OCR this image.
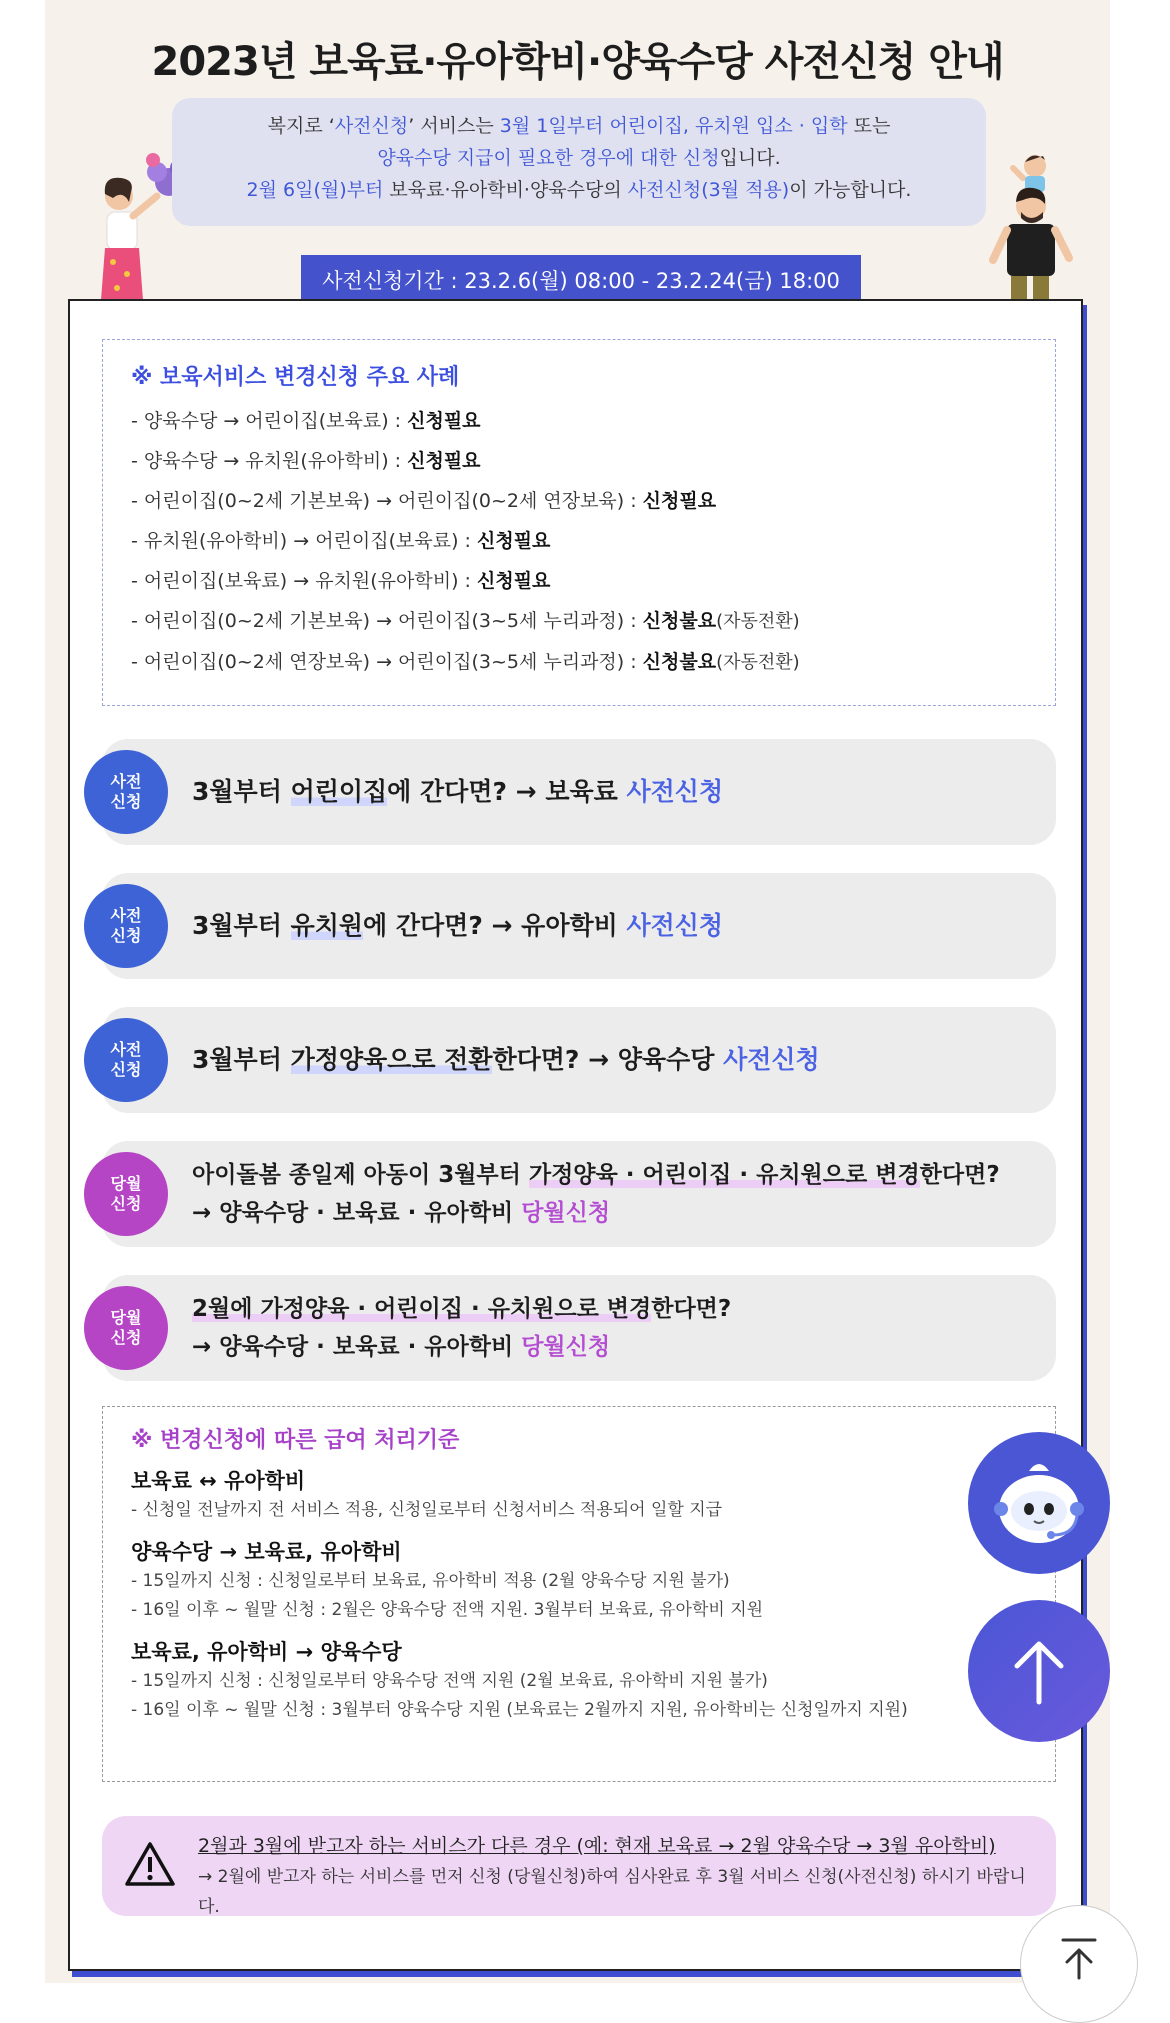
2023년 보육료·유아학비·양육수당 사전신청 안내
복지로 ‘사전신청’ 서비스는 3월 1일부터 어린이집, 유치원 입소 · 입학 또는
양육수당 지급이 필요한 경우에 대한 신청입니다.
2월 6일(월)부터 보육료·유아학비·양육수당의 사전신청(3월 적용)이 가능합니다.
사전신청기간 : 23.2.6(월) 08:00 - 23.2.24(금) 18:00
※ 보육서비스 변경신청 주요 사례
- 양육수당 → 어린이집(보육료) : 신청필요
- 양육수당 → 유치원(유아학비) : 신청필요
- 어린이집(0~2세 기본보육) → 어린이집(0~2세 연장보육) : 신청필요
- 유치원(유아학비) → 어린이집(보육료) : 신청필요
- 어린이집(보육료) → 유치원(유아학비) : 신청필요
- 어린이집(0~2세 기본보육) → 어린이집(3~5세 누리과정) : 신청불요(자동전환)
- 어린이집(0~2세 연장보육) → 어린이집(3~5세 누리과정) : 신청불요(자동전환)
사전
신청 3월부터 어린이집에 간다면? → 보육료 사전신청
사전
신청 3월부터 유치원에 간다면? → 유아학비 사전신청
사전
신청 3월부터 가정양육으로 전환한다면? → 양육수당 사전신청
당월
신청
아이돌봄 종일제 아동이 3월부터 가정양육 · 어린이집 · 유치원으로 변경한다면?
→ 양육수당 · 보육료 · 유아학비 당월신청
당월
신청
2월에 가정양육 · 어린이집 · 유치원으로 변경한다면?
→ 양육수당 · 보육료 · 유아학비 당월신청
※ 변경신청에 따른 급여 처리기준
보육료 ↔ 유아학비
- 신청일 전날까지 전 서비스 적용, 신청일로부터 신청서비스 적용되어 일할 지급
양육수당 → 보육료, 유아학비
- 15일까지 신청 : 신청일로부터 보육료, 유아학비 적용 (2월 양육수당 지원 불가)
- 16일 이후 ~ 월말 신청 : 2월은 양육수당 전액 지원. 3월부터 보육료, 유아학비 지원
보육료, 유아학비 → 양육수당
- 15일까지 신청 : 신청일로부터 양육수당 전액 지원 (2월 보육료, 유아학비 지원 불가)
- 16일 이후 ~ 월말 신청 : 3월부터 양육수당 지원 (보육료는 2월까지 지원, 유아학비는 신청일까지 지원)
2월과 3월에 받고자 하는 서비스가 다른 경우 (예: 현재 보육료 → 2월 양육수당 → 3월 유아학비)
→ 2월에 받고자 하는 서비스를 먼저 신청 (당월신청)하여 심사완료 후 3월 서비스 신청(사전신청) 하시기 바랍니다.
